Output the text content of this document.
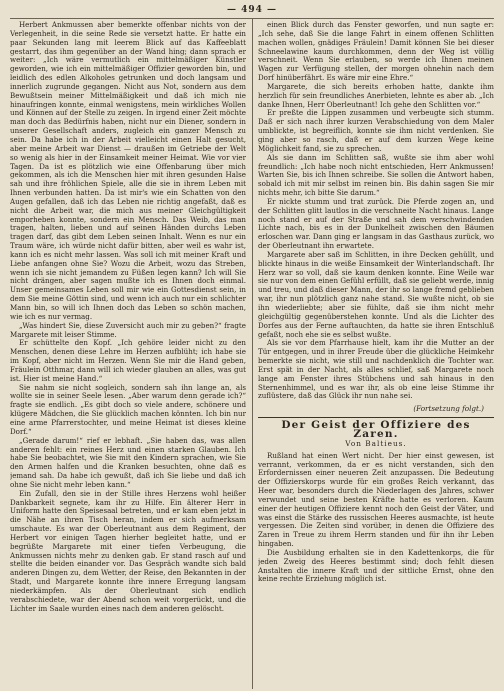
— 494 —

Herbert Ankmussen aber bemerkte offenbar nichts von der Verlegenheit, in die seine Rede sie versetzt hatte. Er hatte ein paar Sekunden lang mit leerem Blick auf das Kaffeeblatt gestarrt, das ihm gegenüber an der Wand hing; dann sprach er weiter: „Ich wäre vermutlich ein mittelmäßiger Künstler geworden, wie ich ein mittelmäßiger Offizier geworden bin, und leidlich des edlen Alkoholes getrunken und doch langsam und innerlich zugrunde gegangen. Nicht aus Not, sondern aus dem Bewußtsein meiner Mittelmäßigkeit und daß ich mich nie hinaufringen konnte, einmal wenigstens, mein wirkliches Wollen und Können auf der Stelle zu zeigen. In irgend einer Zeit möchte man doch das Bedürfnis haben, nicht nur ein Diener, sondern in unserer Gesellschaft anders, zugleich ein ganzer Mensch zu sein. Da habe ich in der Arbeit vielleicht einen Halt gesucht, aber meine Arbeit war Dienst — draußen im Getriebe der Welt so wenig als hier in der Einsamkeit meiner Heimat. Wie vor vier Tagen. Da ist es plötzlich wie eine Offenbarung über mich gekommen, als ich die Menschen hier mit ihren gesunden Halse sah und ihre fröhlichen Spiele, alle die sie in ihrem Leben mit Ihnen verbunden hatten. Da ist mir's wie ein Schatten von den Augen gefallen, daß ich das Leben nie richtig angefaßt, daß es nicht die Arbeit war, die mich aus meiner Gleichgültigkeit emporheben konnte, sondern ein Mensch. Das Weib, das man tragen, halten, lieben und auf seinen Händen durchs Leben tragen darf, das gibt dem Leben seinen Inhalt. Wenn es nur ein Traum wäre, ich würde nicht dafür bitten, aber weil es wahr ist, kann ich es nicht mehr lassen. Was soll ich mit meiner Kraft und Liebe anfangen ohne Sie? Wozu die Arbeit, wozu das Streben, wenn ich sie nicht jemandem zu Füßen legen kann? Ich will Sie nicht drängen, aber sagen mußte ich es Ihnen doch einmal. Unser gemeinsames Leben soll mir wie ein Gottesdienst sein, in dem Sie meine Göttin sind, und wenn ich auch nur ein schlichter Mann bin, so will ich Ihnen doch das Leben so schön machen, wie ich es nur vermag.

„Was hindert Sie, diese Zuversicht auch mir zu geben?“ fragte Margarete mit leiser Stimme.

Er schüttelte den Kopf. „Ich gehöre leider nicht zu den Menschen, denen diese Lehre im Herzen aufblüht; ich habe sie im Kopf, aber nicht im Herzen. Wenn Sie mir die Hand geben, Fräulein Otthmar, dann will ich wieder glauben an alles, was gut ist. Hier ist meine Hand.“

Sie nahm sie nicht sogleich, sondern sah ihn lange an, als wollte sie in seiner Seele lesen. „Aber warum denn gerade ich?“ fragte sie endlich. „Es gibt doch so viele andere, schönere und klügere Mädchen, die Sie glücklich machen könnten. Ich bin nur eine arme Pfarrerstochter, und meine Heimat ist dieses kleine Dorf.“

„Gerade darum!“ rief er lebhaft. „Sie haben das, was allen anderen fehlt: ein reines Herz und einen starken Glauben. Ich habe Sie beobachtet, wie Sie mit den Kindern sprachen, wie Sie den Armen halfen und die Kranken besuchten, ohne daß es jemand sah. Da habe ich gewußt, daß ich Sie liebe und daß ich ohne Sie nicht mehr leben kann.“

Ein Zufall, den sie in der Stille ihres Herzens wohl heißer Dankbarkeit segnete, kam ihr zu Hilfe. Ein älterer Herr in Uniform hatte den Speisesaal betreten, und er kam eben jetzt in die Nähe an ihren Tisch heran, indem er sich aufmerksam umschaute. Es war der Oberleutnant aus dem Regiment, der Herbert vor einigen Tagen hierher begleitet hatte, und er begrüßte Margarete mit einer tiefen Verbeugung, die Ankmussen nichts mehr zu denken gab. Er stand rasch auf und stellte die beiden einander vor. Das Gespräch wandte sich bald anderen Dingen zu, dem Wetter, der Reise, den Bekannten in der Stadt, und Margarete konnte ihre innere Erregung langsam niederkämpfen. Als der Oberleutnant sich endlich verabschiedete, war der Abend schon weit vorgerückt, und die Lichter im Saale wurden eines nach dem anderen gelöscht.

einen Blick durch das Fenster geworfen, und nun sagte er: „Ich sehe, daß Sie die lange Fahrt in einem offenen Schlitten machen wollen, gnädiges Fräulein! Damit können Sie bei dieser Schneelawine kaum durchkommen, denn der Weg ist völlig verschneit. Wenn Sie erlauben, so werde ich Ihnen meinen Wagen zur Verfügung stellen, der morgen ohnehin nach dem Dorf hinüberfährt. Es wäre mir eine Ehre.“

Margarete, die sich bereits erhoben hatte, dankte ihm herzlich für sein freundliches Anerbieten, lehnte es aber ab. „Ich danke Ihnen, Herr Oberleutnant! Ich gehe den Schlitten vor.“

Er preßte die Lippen zusammen und verbeugte sich stumm. Daß er sich nach ihrer kurzen Verabschiedung von dem Maler umblickte, ist begreiflich, konnte sie ihm nicht verdenken. Sie ging aber so rasch, daß er auf dem kurzen Wege keine Möglichkeit fand, sie zu sprechen.

Als sie dann im Schlitten saß, wußte sie ihm aber wohl freundlich: „Ich habe noch nicht entschieden, Herr Ankmussen! Warten Sie, bis ich Ihnen schreibe. Sie sollen die Antwort haben, sobald ich mit mir selbst im reinen bin. Bis dahin sagen Sie mir nichts mehr, ich bitte Sie darum.“

Er nickte stumm und trat zurück. Die Pferde zogen an, und der Schlitten glitt lautlos in die verschneite Nacht hinaus. Lange noch stand er auf der Straße und sah dem verschwindenden Lichte nach, bis es in der Dunkelheit zwischen den Bäumen erloschen war. Dann ging er langsam in das Gasthaus zurück, wo der Oberleutnant ihn erwartete.

Margarete aber saß im Schlitten, in ihre Decken gehüllt, und blickte hinaus in die weiße Einsamkeit der Winterlandschaft. Ihr Herz war so voll, daß sie kaum denken konnte. Eine Weile war sie nur von dem einen Gefühl erfüllt, daß sie geliebt werde, innig und treu, und daß dieser Mann, der ihr so lange fremd geblieben war, ihr nun plötzlich ganz nahe stand. Sie wußte nicht, ob sie ihn wiederliebte; aber sie fühlte, daß sie ihm nicht mehr gleichgültig gegenüberstehen konnte. Und als die Lichter des Dorfes aus der Ferne auftauchten, da hatte sie ihren Entschluß gefaßt, noch ehe sie es selbst wußte.

Als sie vor dem Pfarrhause hielt, kam ihr die Mutter an der Tür entgegen, und in ihrer Freude über die glückliche Heimkehr bemerkte sie nicht, wie still und nachdenklich die Tochter war. Erst spät in der Nacht, als alles schlief, saß Margarete noch lange am Fenster ihres Stübchens und sah hinaus in den Sternenhimmel, und es war ihr, als ob eine leise Stimme ihr zuflüstere, daß das Glück ihr nun nahe sei.

(Fortsetzung folgt.)
Der Geist der Offiziere des Zaren.
Von Baltieus.

Rußland hat einen Wert nicht. Der hier einst gewesen, ist verrannt, verkommen, da er es nicht verstanden, sich den Erfordernissen einer neueren Zeit anzupassen. Die Bedeutung der Offizierskorps wurde für ein großes Reich verkannt, das Heer war, besonders durch die Niederlagen des Jahres, schwer verwundet und seine besten Kräfte hatte es verloren. Kaum einer der heutigen Offiziere kennt noch den Geist der Väter, und was einst die Stärke des russischen Heeres ausmachte, ist heute vergessen. Die Zeiten sind vorüber, in denen die Offiziere des Zaren in Treue zu ihrem Herrn standen und für ihn ihr Leben hingaben.

Die Ausbildung erhalten sie in den Kadettenkorps, die für jeden Zweig des Heeres bestimmt sind; doch fehlt diesen Anstalten die innere Kraft und der sittliche Ernst, ohne den keine rechte Erziehung möglich ist.
